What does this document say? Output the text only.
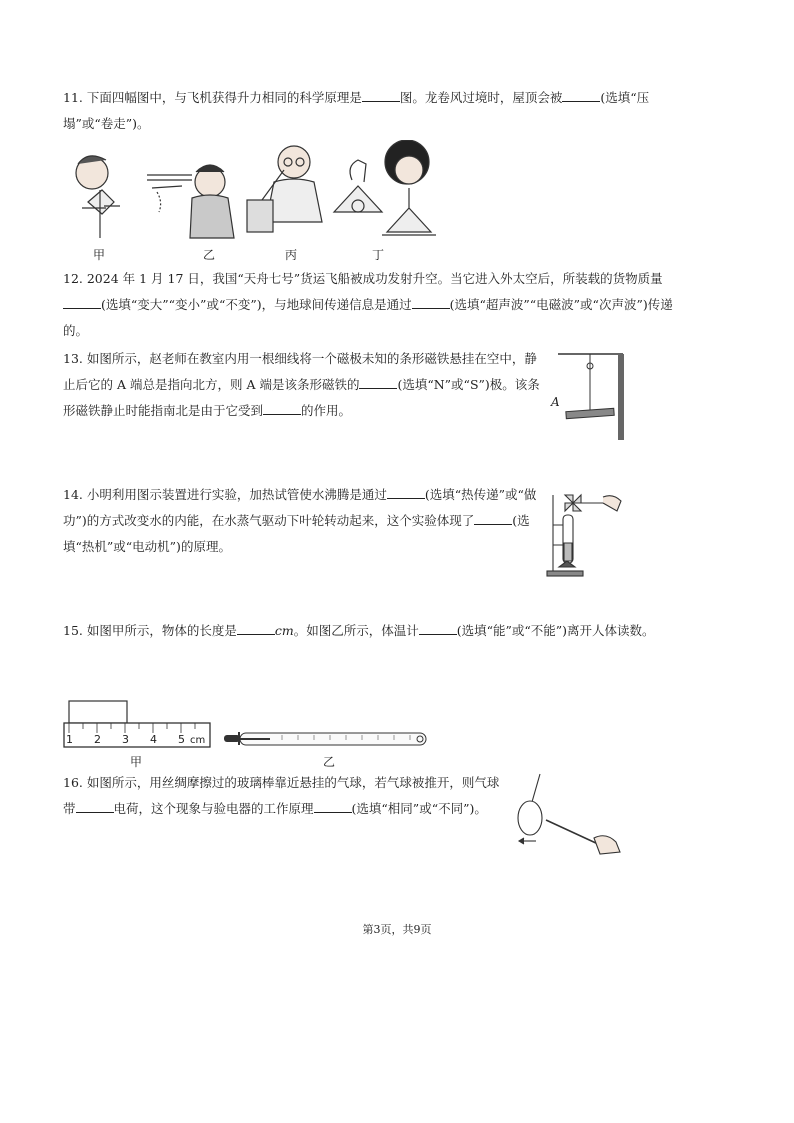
11. 下面四幅图中，与飞机获得升力相同的科学原理是	图。龙卷风过境时，屋顶会被	(选填“压塌”或“卷走”)。
甲	乙	丙	丁
12. 2024 年 1 月 17 日，我国“天舟七号”货运飞船被成功发射升空。当它进入外太空后，所装载的货物质量(选填“变大”“变小”或“不变”)，与地球间传递信息是通过	(选填“超声波”“电磁波”或“次声波”)传递的。
13. 如图所示，赵老师在教室内用一根细线将一个磁极未知的条形磁铁悬挂在空中，静止后它的 A 端总是指向北方，则 A 端是该条形磁铁的	(选填“N”或“S”)极。该条形磁铁静止时能指南北是由于它受到	的作用。
A
14. 小明利用图示装置进行实验，加热试管使水沸腾是通过	(选填“热传递”或“做功”)的方式改变水的内能，在水蒸气驱动下叶轮转动起来，这个实验体现了	(选填“热机”或“电动机”)的原理。
15. 如图甲所示，物体的长度是	cm。如图乙所示，体温计	(选填“能”或“不能”)离开人体读数。
1 2 3 4 5 cm
甲	乙
16. 如图所示，用丝绸摩擦过的玻璃棒靠近悬挂的气球，若气球被推开，则气球带	电荷，这个现象与验电器的工作原理	(选填“相同”或“不同”)。
第3页，共9页
